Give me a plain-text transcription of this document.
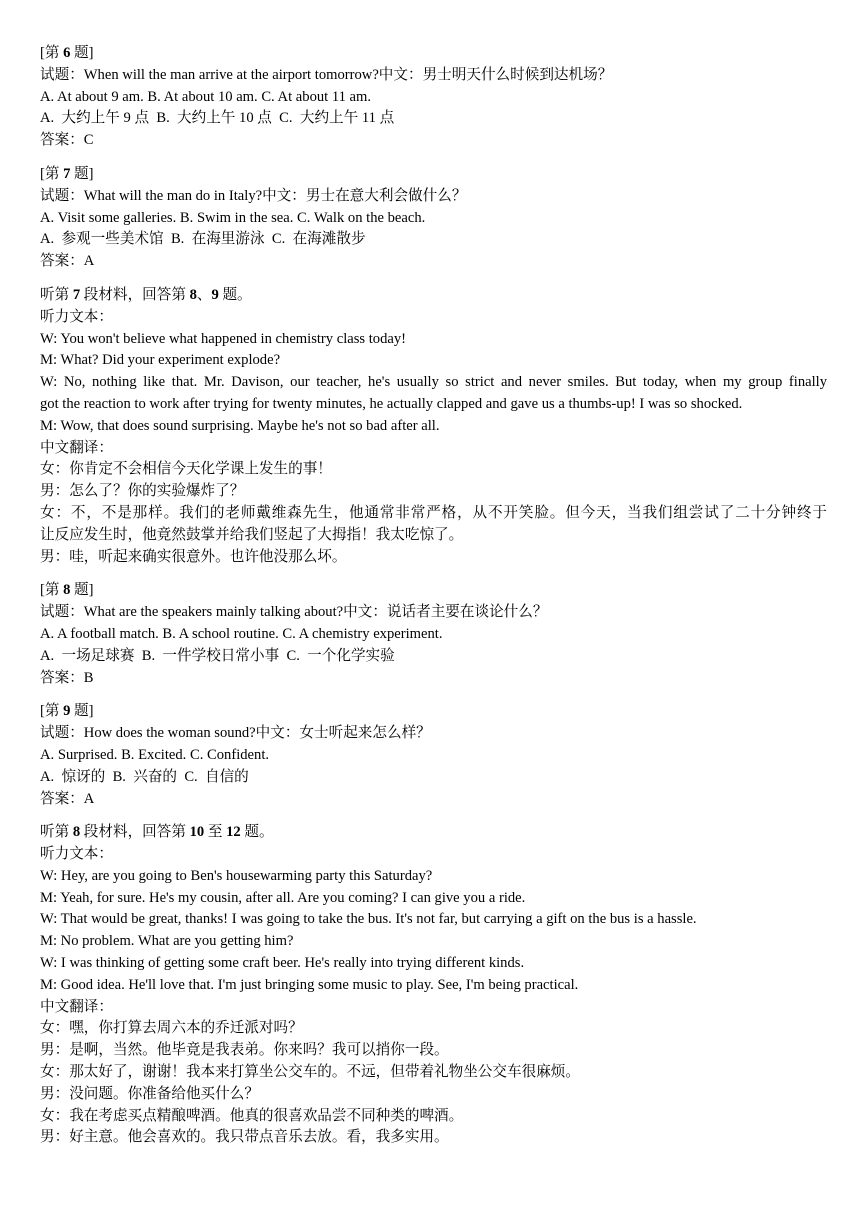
[第 6 题]
试题：When will the man arrive at the airport tomorrow?中文：男士明天什么时候到达机场？
A. At about 9 am. B. At about 10 am. C. At about 11 am.
A.  大约上午 9 点  B.  大约上午 10 点  C.  大约上午 11 点
答案：C
[第 7 题]
试题：What will the man do in Italy?中文：男士在意大利会做什么？
A. Visit some galleries. B. Swim in the sea. C. Walk on the beach.
A.  参观一些美术馆  B.  在海里游泳  C.  在海滩散步
答案：A
听第 7 段材料，回答第 8、9 题。
听力文本：
W: You won't believe what happened in chemistry class today!
M: What? Did your experiment explode?
W: No, nothing like that. Mr. Davison, our teacher, he's usually so strict and never smiles. But today, when my group finally
got the reaction to work after trying for twenty minutes, he actually clapped and gave us a thumbs-up! I was so shocked.
M: Wow, that does sound surprising. Maybe he's not so bad after all.
中文翻译：
女：你肯定不会相信今天化学课上发生的事！
男：怎么了？你的实验爆炸了？
女：不，不是那样。我们的老师戴维森先生，他通常非常严格，从不开笑脸。但今天，当我们组尝试了二十分钟终于
让反应发生时，他竟然鼓掌并给我们竖起了大拇指！我太吃惊了。
男：哇，听起来确实很意外。也许他没那么坏。
[第 8 题]
试题：What are the speakers mainly talking about?中文：说话者主要在谈论什么？
A. A football match. B. A school routine. C. A chemistry experiment.
A.  一场足球赛  B.  一件学校日常小事  C.  一个化学实验
答案：B
[第 9 题]
试题：How does the woman sound?中文：女士听起来怎么样？
A. Surprised. B. Excited. C. Confident.
A.  惊讶的  B.  兴奋的  C.  自信的
答案：A
听第 8 段材料，回答第 10 至 12 题。
听力文本：
W: Hey, are you going to Ben's housewarming party this Saturday?
M: Yeah, for sure. He's my cousin, after all. Are you coming? I can give you a ride.
W: That would be great, thanks! I was going to take the bus. It's not far, but carrying a gift on the bus is a hassle.
M: No problem. What are you getting him?
W: I was thinking of getting some craft beer. He's really into trying different kinds.
M: Good idea. He'll love that. I'm just bringing some music to play. See, I'm being practical.
中文翻译：
女：嘿，你打算去周六本的乔迁派对吗？
男：是啊，当然。他毕竟是我表弟。你来吗？我可以捎你一段。
女：那太好了，谢谢！我本来打算坐公交车的。不远，但带着礼物坐公交车很麻烦。
男：没问题。你准备给他买什么？
女：我在考虑买点精酿啤酒。他真的很喜欢品尝不同种类的啤酒。
男：好主意。他会喜欢的。我只带点音乐去放。看，我多实用。
